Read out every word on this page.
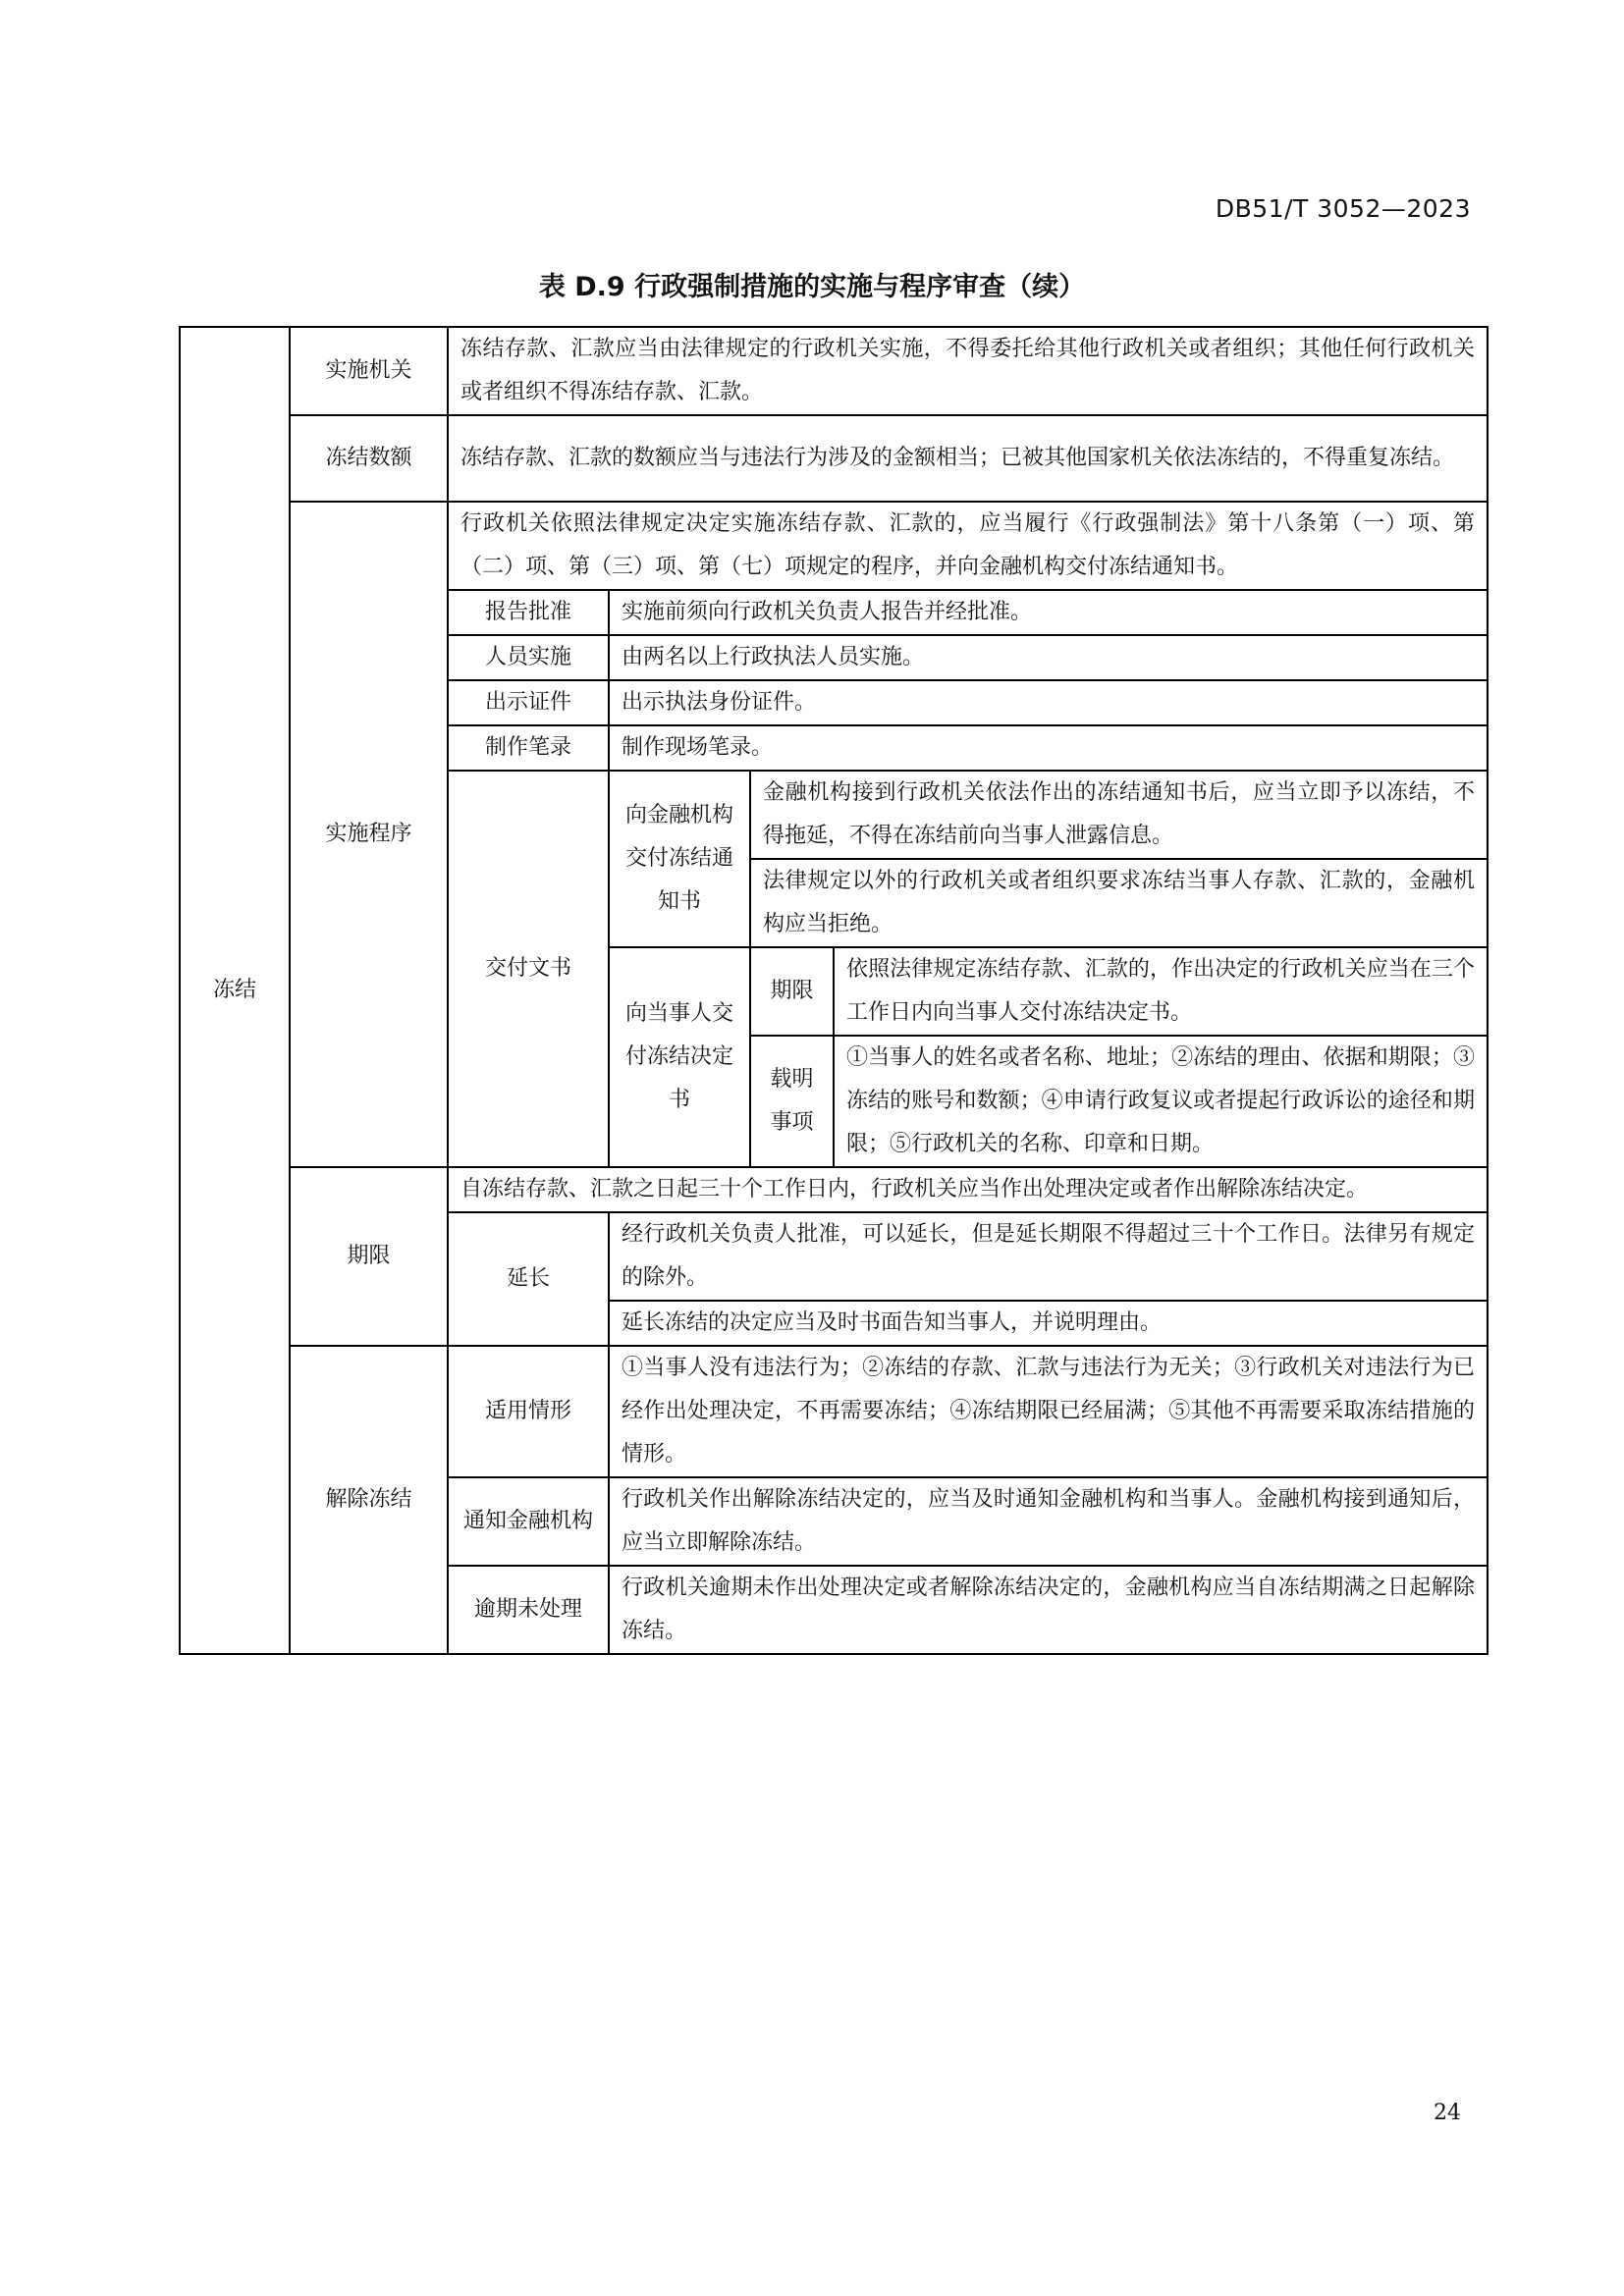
DB51/T 3052—2023
表 D.9 行政强制措施的实施与程序审查（续）
冻结	实施机关	冻结存款、汇款应当由法律规定的行政机关实施，不得委托给其他行政机关或者组织；其他任何行政机关或者组织不得冻结存款、汇款。			
	冻结数额	冻结存款、汇款的数额应当与违法行为涉及的金额相当；已被其他国家机关依法冻结的，不得重复冻结。			
	实施程序	行政机关依照法律规定决定实施冻结存款、汇款的，应当履行《行政强制法》第十八条第（一）项、第（二）项、第（三）项、第（七）项规定的程序，并向金融机构交付冻结通知书。			
		报告批准	实施前须向行政机关负责人报告并经批准。		
		人员实施	由两名以上行政执法人员实施。		
		出示证件	出示执法身份证件。		
		制作笔录	制作现场笔录。		
		交付文书	向金融机构交付冻结通知书	金融机构接到行政机关依法作出的冻结通知书后，应当立即予以冻结，不得拖延，不得在冻结前向当事人泄露信息。	
				法律规定以外的行政机关或者组织要求冻结当事人存款、汇款的，金融机构应当拒绝。	
			向当事人交付冻结决定书	期限	依照法律规定冻结存款、汇款的，作出决定的行政机关应当在三个工作日内向当事人交付冻结决定书。

				载明事项	①当事人的姓名或者名称、地址；②冻结的理由、依据和期限；③冻结的账号和数额；④申请行政复议或者提起行政诉讼的途径和期限；⑤行政机关的名称、印章和日期。

	期限	自冻结存款、汇款之日起三十个工作日内，行政机关应当作出处理决定或者作出解除冻结决定。			
		延长	经行政机关负责人批准，可以延长，但是延长期限不得超过三十个工作日。法律另有规定的除外。		
			延长冻结的决定应当及时书面告知当事人，并说明理由。		
	解除冻结	适用情形	①当事人没有违法行为；②冻结的存款、汇款与违法行为无关；③行政机关对违法行为已经作出处理决定，不再需要冻结；④冻结期限已经届满；⑤其他不再需要采取冻结措施的情形。		
		通知金融机构	行政机关作出解除冻结决定的，应当及时通知金融机构和当事人。金融机构接到通知后，应当立即解除冻结。		
		逾期未处理	行政机关逾期未作出处理决定或者解除冻结决定的，金融机构应当自冻结期满之日起解除冻结。		
24
